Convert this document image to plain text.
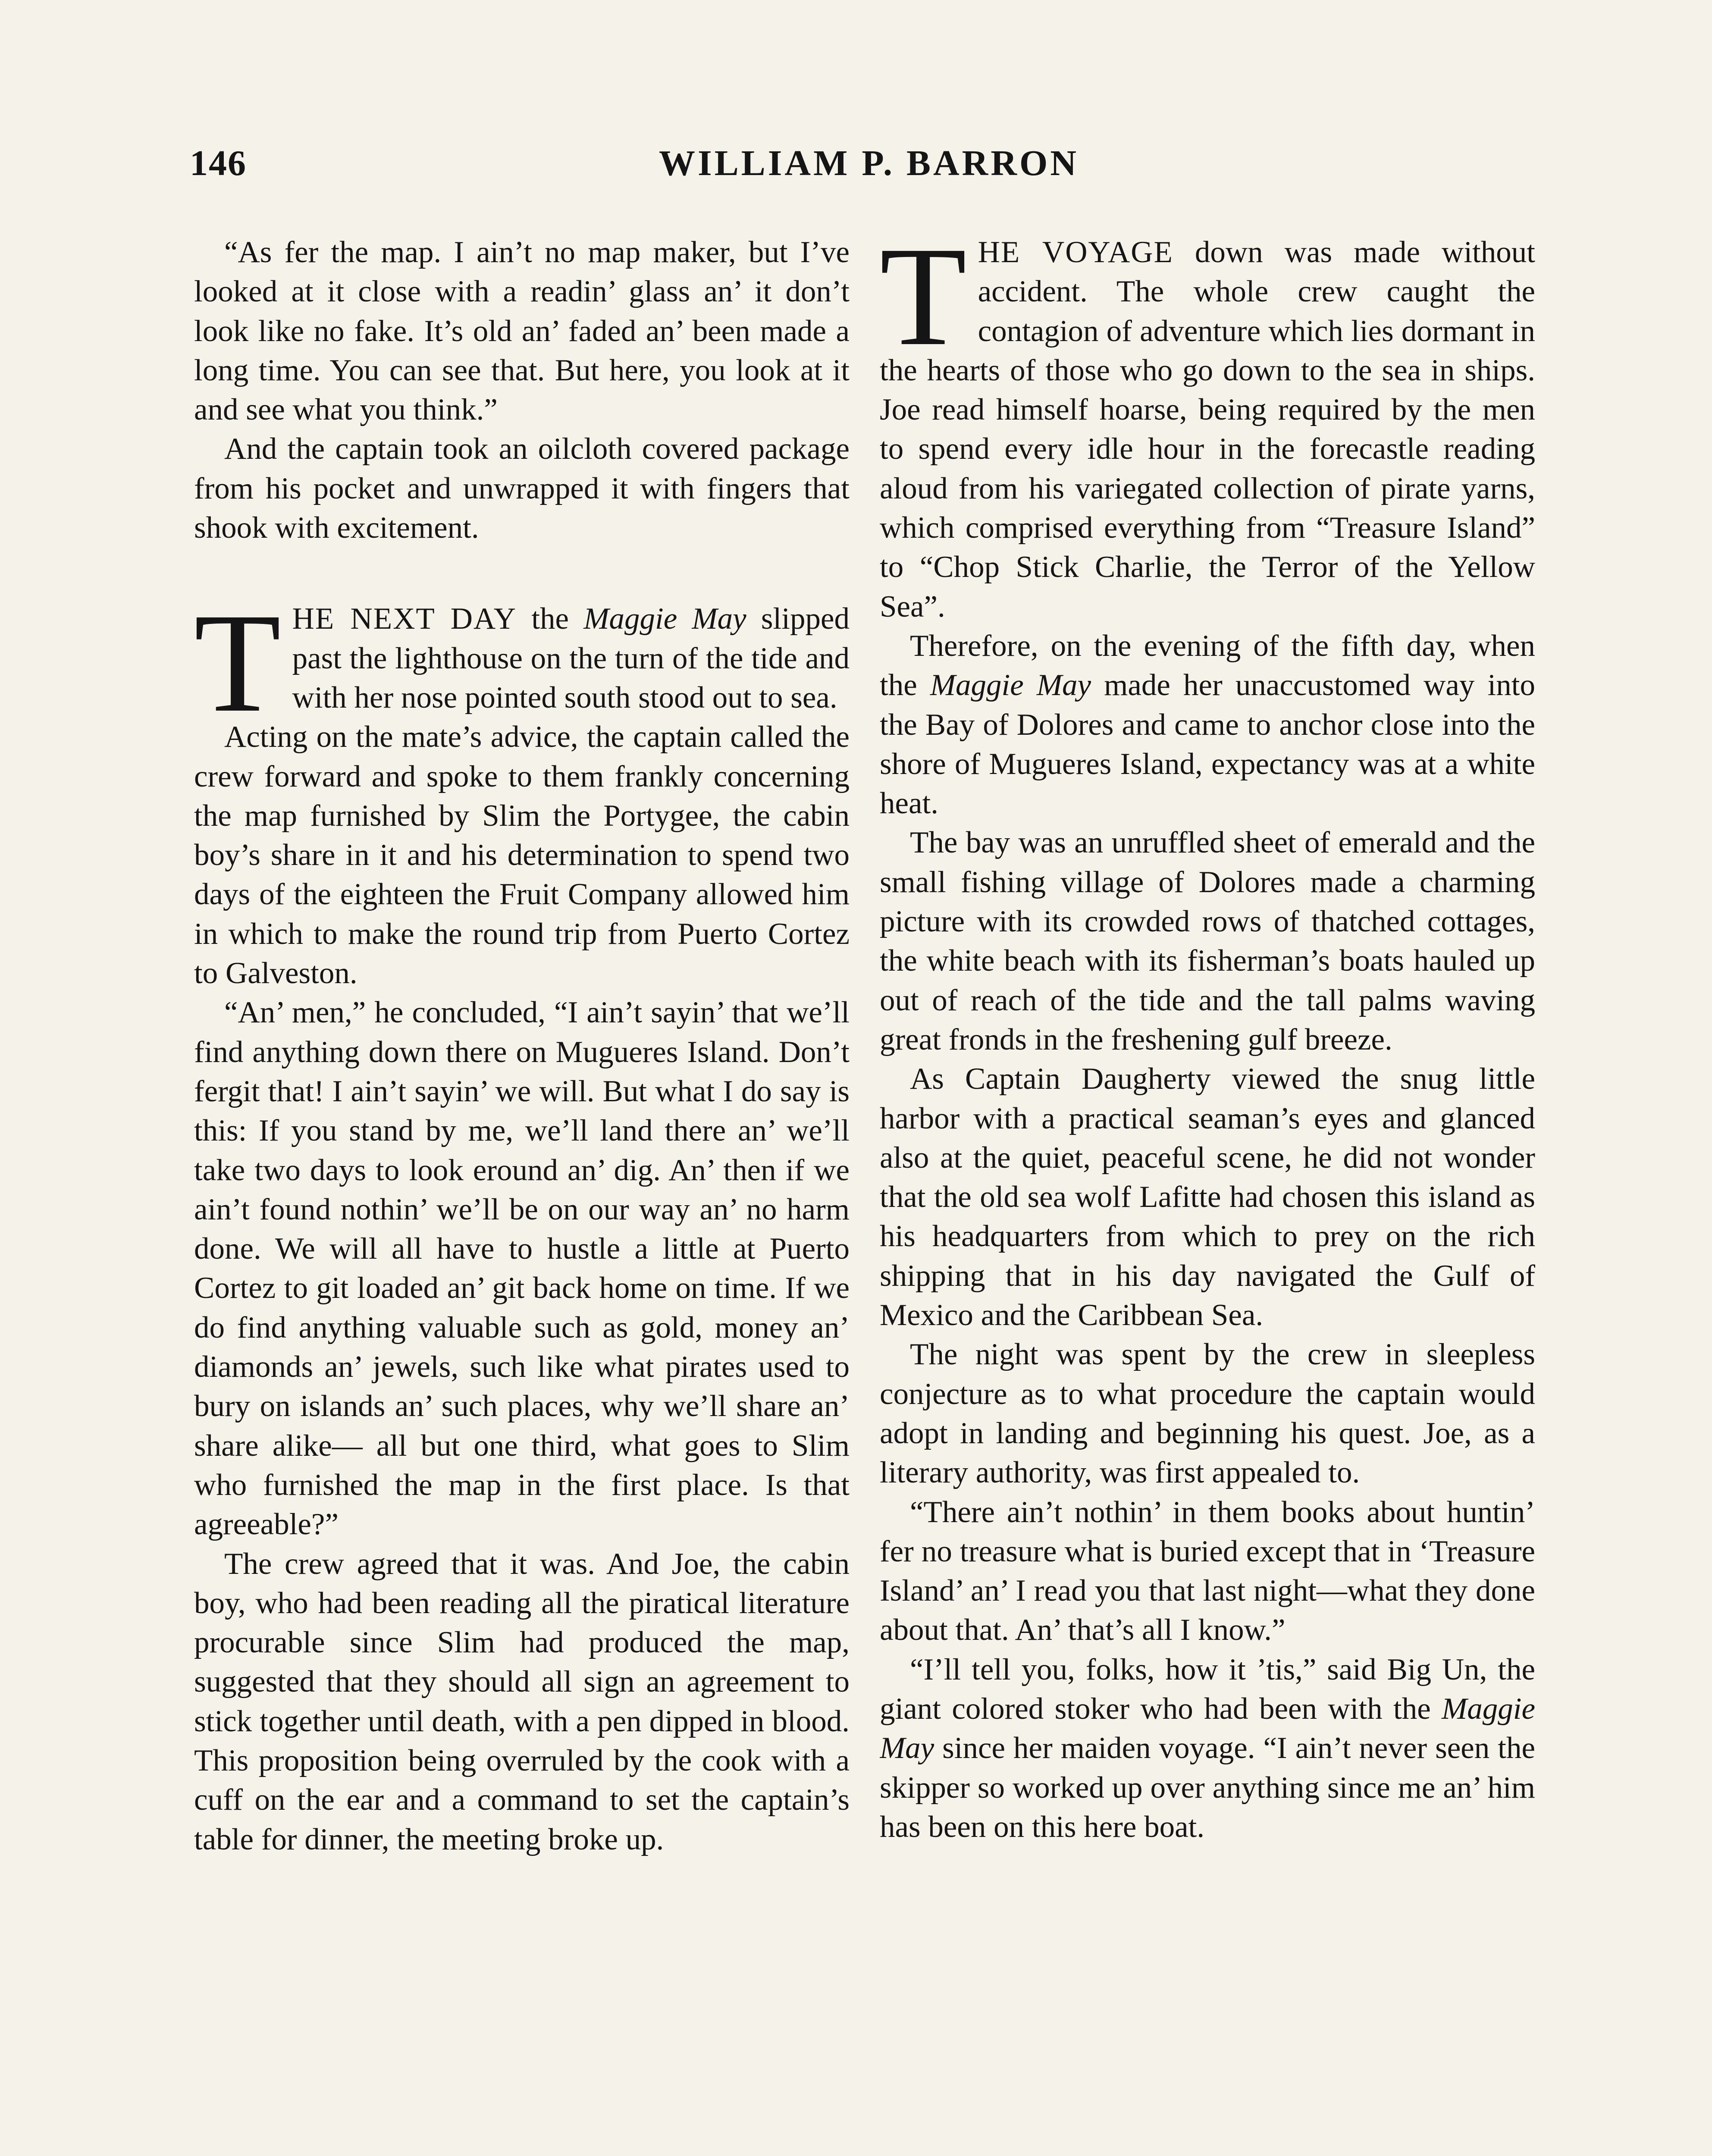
146	WILLIAM P. BARRON

“As fer the map. I ain’t no map maker, but I’ve looked at it close with a readin’ glass an’ it don’t look like no fake. It’s old an’ faded an’ been made a long time. You can see that. But here, you look at it and see what you think.”

And the captain took an oilcloth covered package from his pocket and unwrapped it with fingers that shook with excitement.

THE NEXT DAY the Maggie May slipped past the lighthouse on the turn of the tide and with her nose pointed south stood out to sea.

Acting on the mate’s advice, the captain called the crew forward and spoke to them frankly concerning the map furnished by Slim the Portygee, the cabin boy’s share in it and his determination to spend two days of the eighteen the Fruit Company allowed him in which to make the round trip from Puerto Cortez to Galveston.

“An’ men,” he concluded, “I ain’t sayin’ that we’ll find anything down there on Mugueres Island. Don’t fergit that! I ain’t sayin’ we will. But what I do say is this: If you stand by me, we’ll land there an’ we’ll take two days to look eround an’ dig. An’ then if we ain’t found nothin’ we’ll be on our way an’ no harm done. We will all have to hustle a little at Puerto Cortez to git loaded an’ git back home on time. If we do find anything valuable such as gold, money an’ diamonds an’ jewels, such like what pirates used to bury on islands an’ such places, why we’ll share an’ share alike— all but one third, what goes to Slim who furnished the map in the first place. Is that agreeable?”

The crew agreed that it was. And Joe, the cabin boy, who had been reading all the piratical literature procurable since Slim had produced the map, suggested that they should all sign an agreement to stick together until death, with a pen dipped in blood. This proposition being overruled by the cook with a cuff on the ear and a command to set the captain’s table for dinner, the meeting broke up.

THE VOYAGE down was made without accident. The whole crew caught the contagion of adventure which lies dormant in the hearts of those who go down to the sea in ships. Joe read himself hoarse, being required by the men to spend every idle hour in the forecastle reading aloud from his variegated collection of pirate yarns, which comprised everything from “Treasure Island” to “Chop Stick Charlie, the Terror of the Yellow Sea”.

Therefore, on the evening of the fifth day, when the Maggie May made her unaccustomed way into the Bay of Dolores and came to anchor close into the shore of Mugueres Island, expectancy was at a white heat.

The bay was an unruffled sheet of emerald and the small fishing village of Dolores made a charming picture with its crowded rows of thatched cottages, the white beach with its fisherman’s boats hauled up out of reach of the tide and the tall palms waving great fronds in the freshening gulf breeze.

As Captain Daugherty viewed the snug little harbor with a practical seaman’s eyes and glanced also at the quiet, peaceful scene, he did not wonder that the old sea wolf Lafitte had chosen this island as his headquarters from which to prey on the rich shipping that in his day navigated the Gulf of Mexico and the Caribbean Sea.

The night was spent by the crew in sleepless conjecture as to what procedure the captain would adopt in landing and beginning his quest. Joe, as a literary authority, was first appealed to.

“There ain’t nothin’ in them books about huntin’ fer no treasure what is buried except that in ‘Treasure Island’ an’ I read you that last night—what they done about that. An’ that’s all I know.”

“I’ll tell you, folks, how it ’tis,” said Big Un, the giant colored stoker who had been with the Maggie May since her maiden voyage. “I ain’t never seen the skipper so worked up over anything since me an’ him has been on this here boat.
